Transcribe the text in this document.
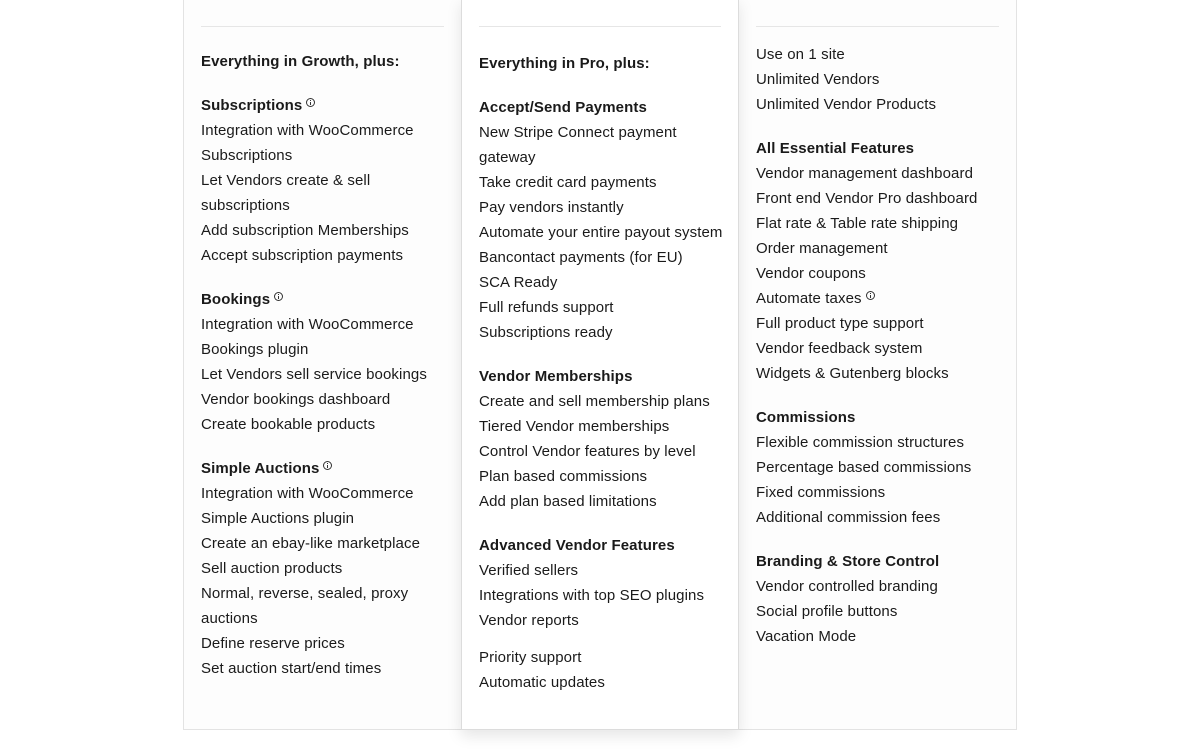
Everything in Growth, plus:
Subscriptions
Integration with WooCommerce
Subscriptions
Let Vendors create & sell
subscriptions
Add subscription Memberships
Accept subscription payments
Bookings
Integration with WooCommerce
Bookings plugin
Let Vendors sell service bookings
Vendor bookings dashboard
Create bookable products
Simple Auctions
Integration with WooCommerce
Simple Auctions plugin
Create an ebay-like marketplace
Sell auction products
Normal, reverse, sealed, proxy
auctions
Define reserve prices
Set auction start/end times
Everything in Pro, plus:
Accept/Send Payments
New Stripe Connect payment
gateway
Take credit card payments
Pay vendors instantly
Automate your entire payout system
Bancontact payments (for EU)
SCA Ready
Full refunds support
Subscriptions ready
Vendor Memberships
Create and sell membership plans
Tiered Vendor memberships
Control Vendor features by level
Plan based commissions
Add plan based limitations
Advanced Vendor Features
Verified sellers
Integrations with top SEO plugins
Vendor reports
Priority support
Automatic updates
Use on 1 site
Unlimited Vendors
Unlimited Vendor Products
All Essential Features
Vendor management dashboard
Front end Vendor Pro dashboard
Flat rate & Table rate shipping
Order management
Vendor coupons
Automate taxes
Full product type support
Vendor feedback system
Widgets & Gutenberg blocks
Commissions
Flexible commission structures
Percentage based commissions
Fixed commissions
Additional commission fees
Branding & Store Control
Vendor controlled branding
Social profile buttons
Vacation Mode
